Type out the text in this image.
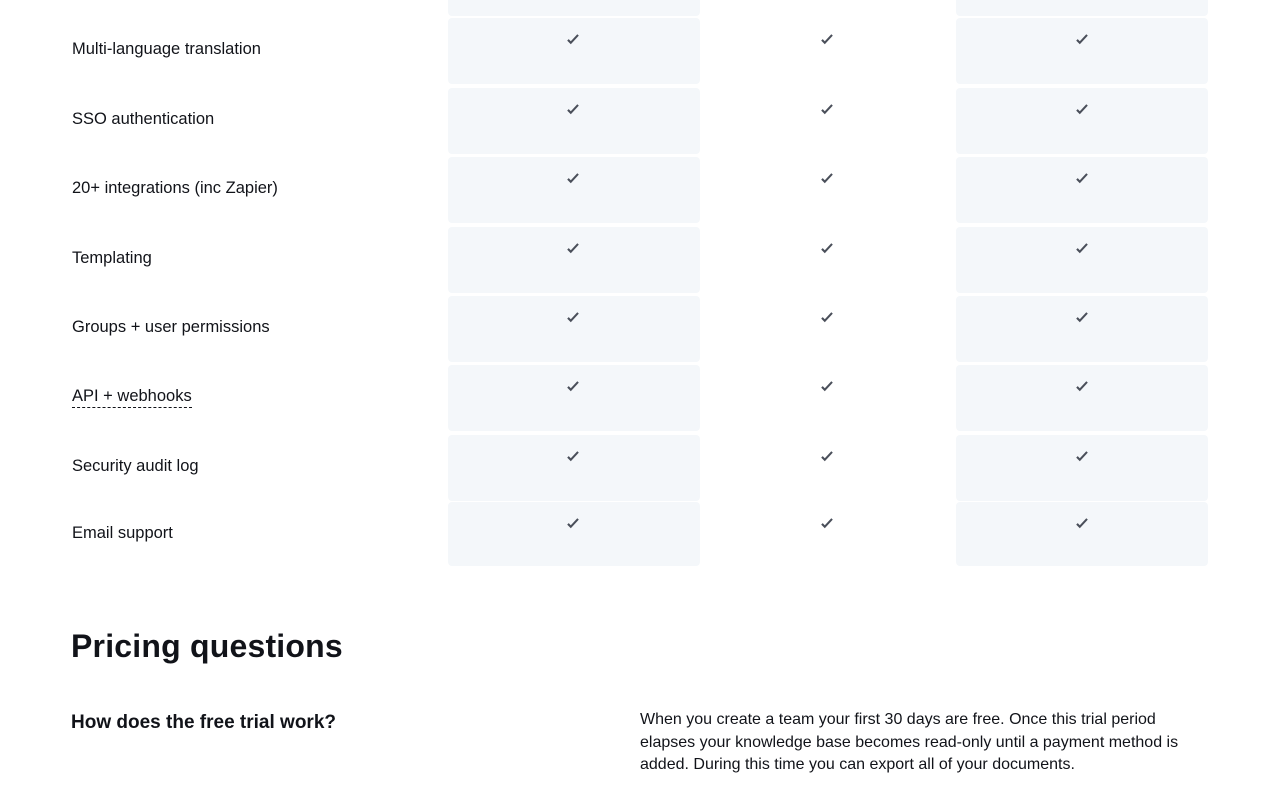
Multi-language translation
SSO authentication
20+ integrations (inc Zapier)
Templating
Groups + user permissions
API + webhooks
Security audit log
Email support
Pricing questions
How does the free trial work?	When you create a team your first 30 days are free. Once this trial period elapses your knowledge base becomes read-only until a payment method is added. During this time you can export all of your documents.
